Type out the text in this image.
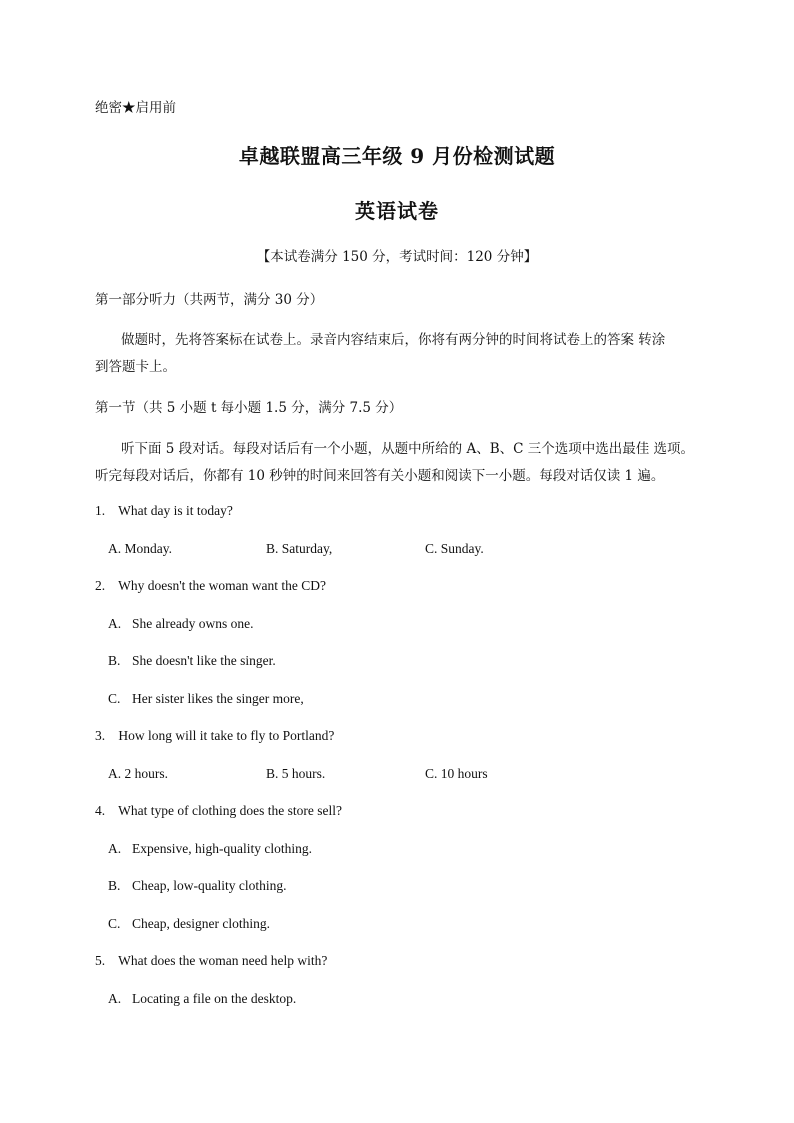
绝密★启用前
卓越联盟高三年级 9 月份检测试题
英语试卷
【本试卷满分 150 分，考试时间：120 分钟】
第一部分听力（共两节，满分 30 分）
做题时，先将答案标在试卷上。录音内容结束后，你将有两分钟的时间将试卷上的答案 转涂
到答题卡上。
第一节（共 5 小题 t 每小题 1.5 分，满分 7.5 分）
听下面 5 段对话。每段对话后有一个小题，从题中所给的 A、B、C 三个选项中选出最佳 选项。
听完每段对话后，你都有 10 秒钟的时间来回答有关小题和阅读下一小题。每段对话仅读 1 遍。
1. What day is it today?
A. Monday.	B. Saturday,	C. Sunday.
2. Why doesn't the woman want the CD?
A. She already owns one.
B. She doesn't like the singer.
C. Her sister likes the singer more,
3. How long will it take to fly to Portland?
A. 2 hours.	B. 5 hours.	C. 10 hours
4. What type of clothing does the store sell?
A. Expensive, high-quality clothing.
B. Cheap, low-quality clothing.
C. Cheap, designer clothing.
5. What does the woman need help with?
A. Locating a file on the desktop.
